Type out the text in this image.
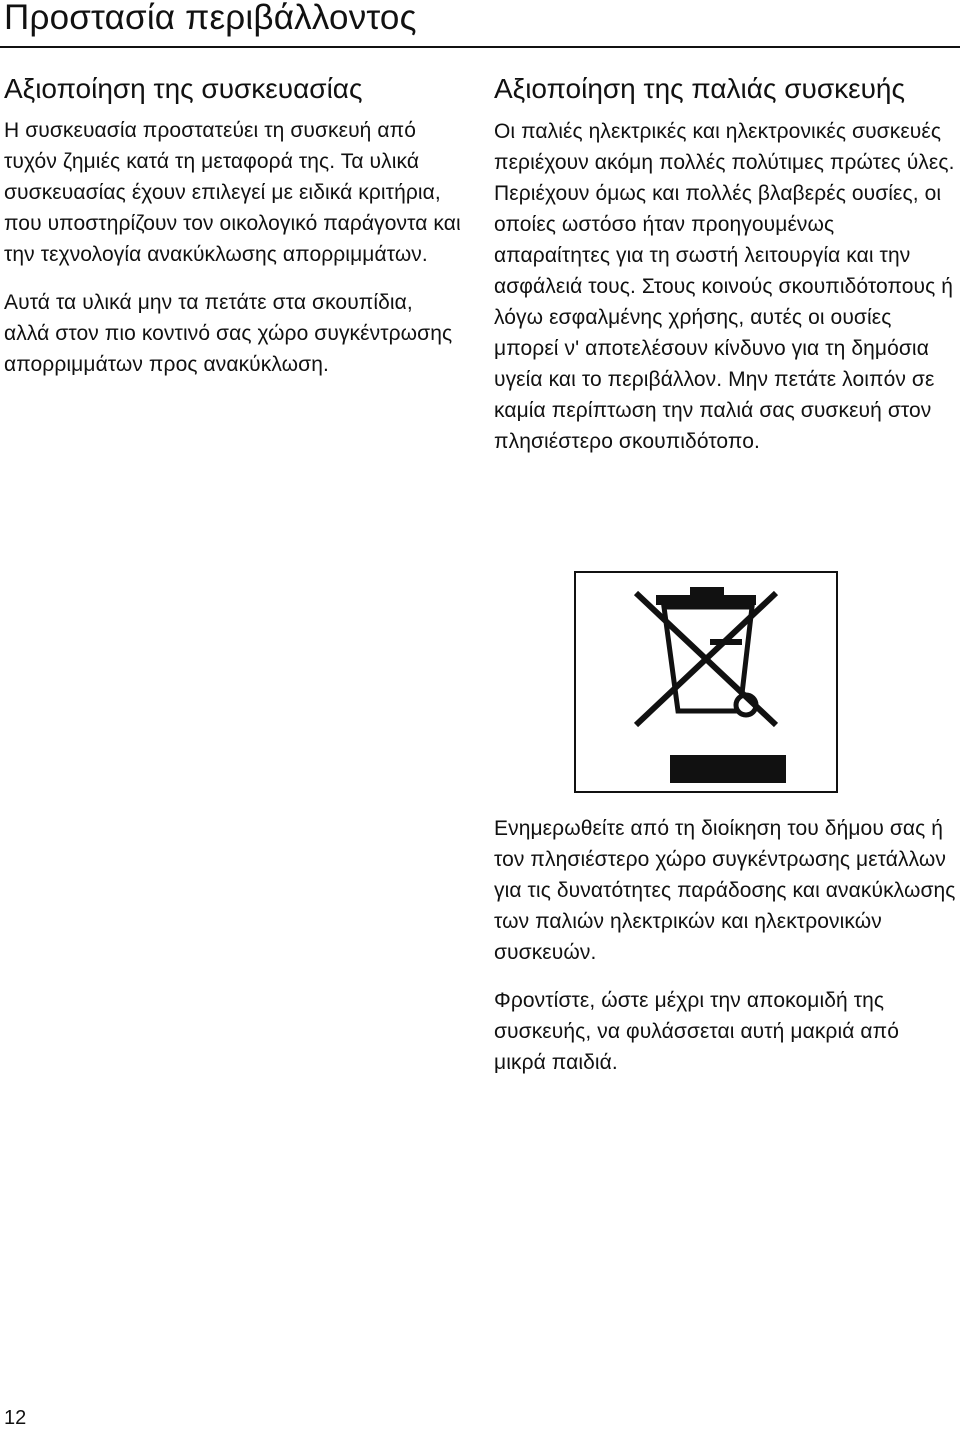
Προστασία περιβάλλοντος
Αξιοποίηση της συσκευασίας

Η συσκευασία προστατεύει τη συσκευή από τυχόν ζημιές κατά τη μεταφορά της. Τα υλικά συσκευασίας έχουν επιλεγεί με ειδικά κριτήρια, που υποστηρίζουν τον οικολογικό παράγοντα και την τεχνολογία ανακύκλωσης απορριμμάτων.

Αυτά τα υλικά μην τα πετάτε στα σκουπίδια, αλλά στον πιο κοντινό σας χώρο συγκέντρωσης απορριμμάτων προς ανακύκλωση.

Αξιοποίηση της παλιάς συσκευής

Οι παλιές ηλεκτρικές και ηλεκτρονικές συσκευές περιέχουν ακόμη πολλές πολύτιμες πρώτες ύλες. Περιέχουν όμως και πολλές βλαβερές ουσίες, οι οποίες ωστόσο ήταν προηγουμένως απαραίτητες για τη σωστή λειτουργία και την ασφάλειά τους. Στους κοινούς σκουπιδότοπους ή λόγω εσφαλμένης χρήσης, αυτές οι ουσίες μπορεί ν' αποτελέσουν κίνδυνο για τη δημόσια υγεία και το περιβάλλον. Μην πετάτε λοιπόν σε καμία περίπτωση την παλιά σας συσκευή στον πλησιέστερο σκουπιδότοπο.

Ενημερωθείτε από τη διοίκηση του δήμου σας ή τον πλησιέστερο χώρο συγκέντρωσης μετάλλων για τις δυνατότητες παράδοσης και ανακύκλωσης των παλιών ηλεκτρικών και ηλεκτρονικών συσκευών.

Φροντίστε, ώστε μέχρι την αποκομιδή της συσκευής, να φυλάσσεται αυτή μακριά από μικρά παιδιά.

12
